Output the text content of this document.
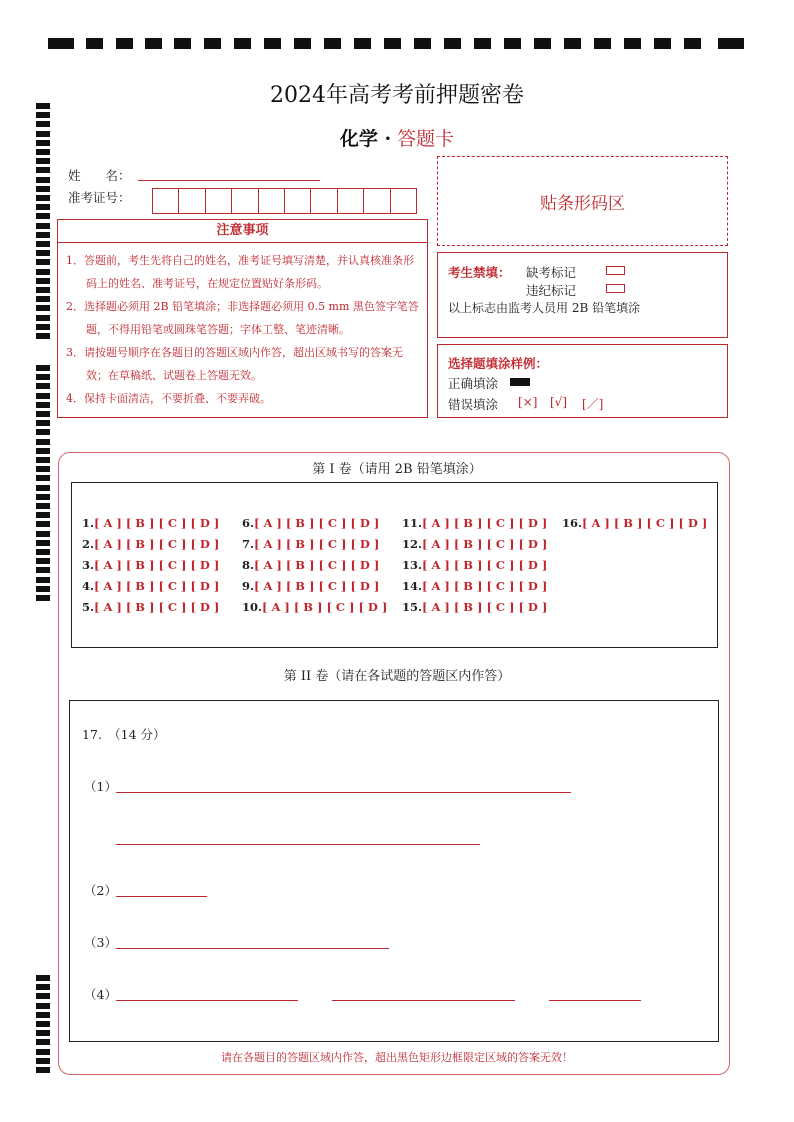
2024年高考考前押题密卷
化学 · 答题卡
姓　　名：
准考证号：	贴条形码区
注意事项
1．答题前，考生先将自己的姓名，准考证号填写清楚，并认真核准条形码上的姓名、准考证号，在规定位置贴好条形码。
2．选择题必须用 2B 铅笔填涂；非选择题必须用 0.5 mm 黑色签字笔答题，不得用铅笔或圆珠笔答题；字体工整、笔迹清晰。
3．请按题号顺序在各题目的答题区域内作答，超出区域书写的答案无效；在草稿纸、试题卷上答题无效。
4．保持卡面清洁，不要折叠、不要弄破。
考生禁填： 缺考标记
违纪标记
以上标志由监考人员用 2B 铅笔填涂
选择题填涂样例：
正确填涂
错误填涂 [×] [√] [／]
第 I 卷（请用 2B 铅笔填涂）
1.[ A ] [ B ] [ C ] [ D ]
2.[ A ] [ B ] [ C ] [ D ]
3.[ A ] [ B ] [ C ] [ D ]
4.[ A ] [ B ] [ C ] [ D ]
5.[ A ] [ B ] [ C ] [ D ]
6.[ A ] [ B ] [ C ] [ D ]
7.[ A ] [ B ] [ C ] [ D ]
8.[ A ] [ B ] [ C ] [ D ]
9.[ A ] [ B ] [ C ] [ D ]
10.[ A ] [ B ] [ C ] [ D ]
11.[ A ] [ B ] [ C ] [ D ]
12.[ A ] [ B ] [ C ] [ D ]
13.[ A ] [ B ] [ C ] [ D ]
14.[ A ] [ B ] [ C ] [ D ]
15.[ A ] [ B ] [ C ] [ D ]
16.[ A ] [ B ] [ C ] [ D ]
第 II 卷（请在各试题的答题区内作答）
17.　（14 分）
（1）
（2）
（3）
（4）
请在各题目的答题区域内作答，超出黑色矩形边框限定区域的答案无效！
